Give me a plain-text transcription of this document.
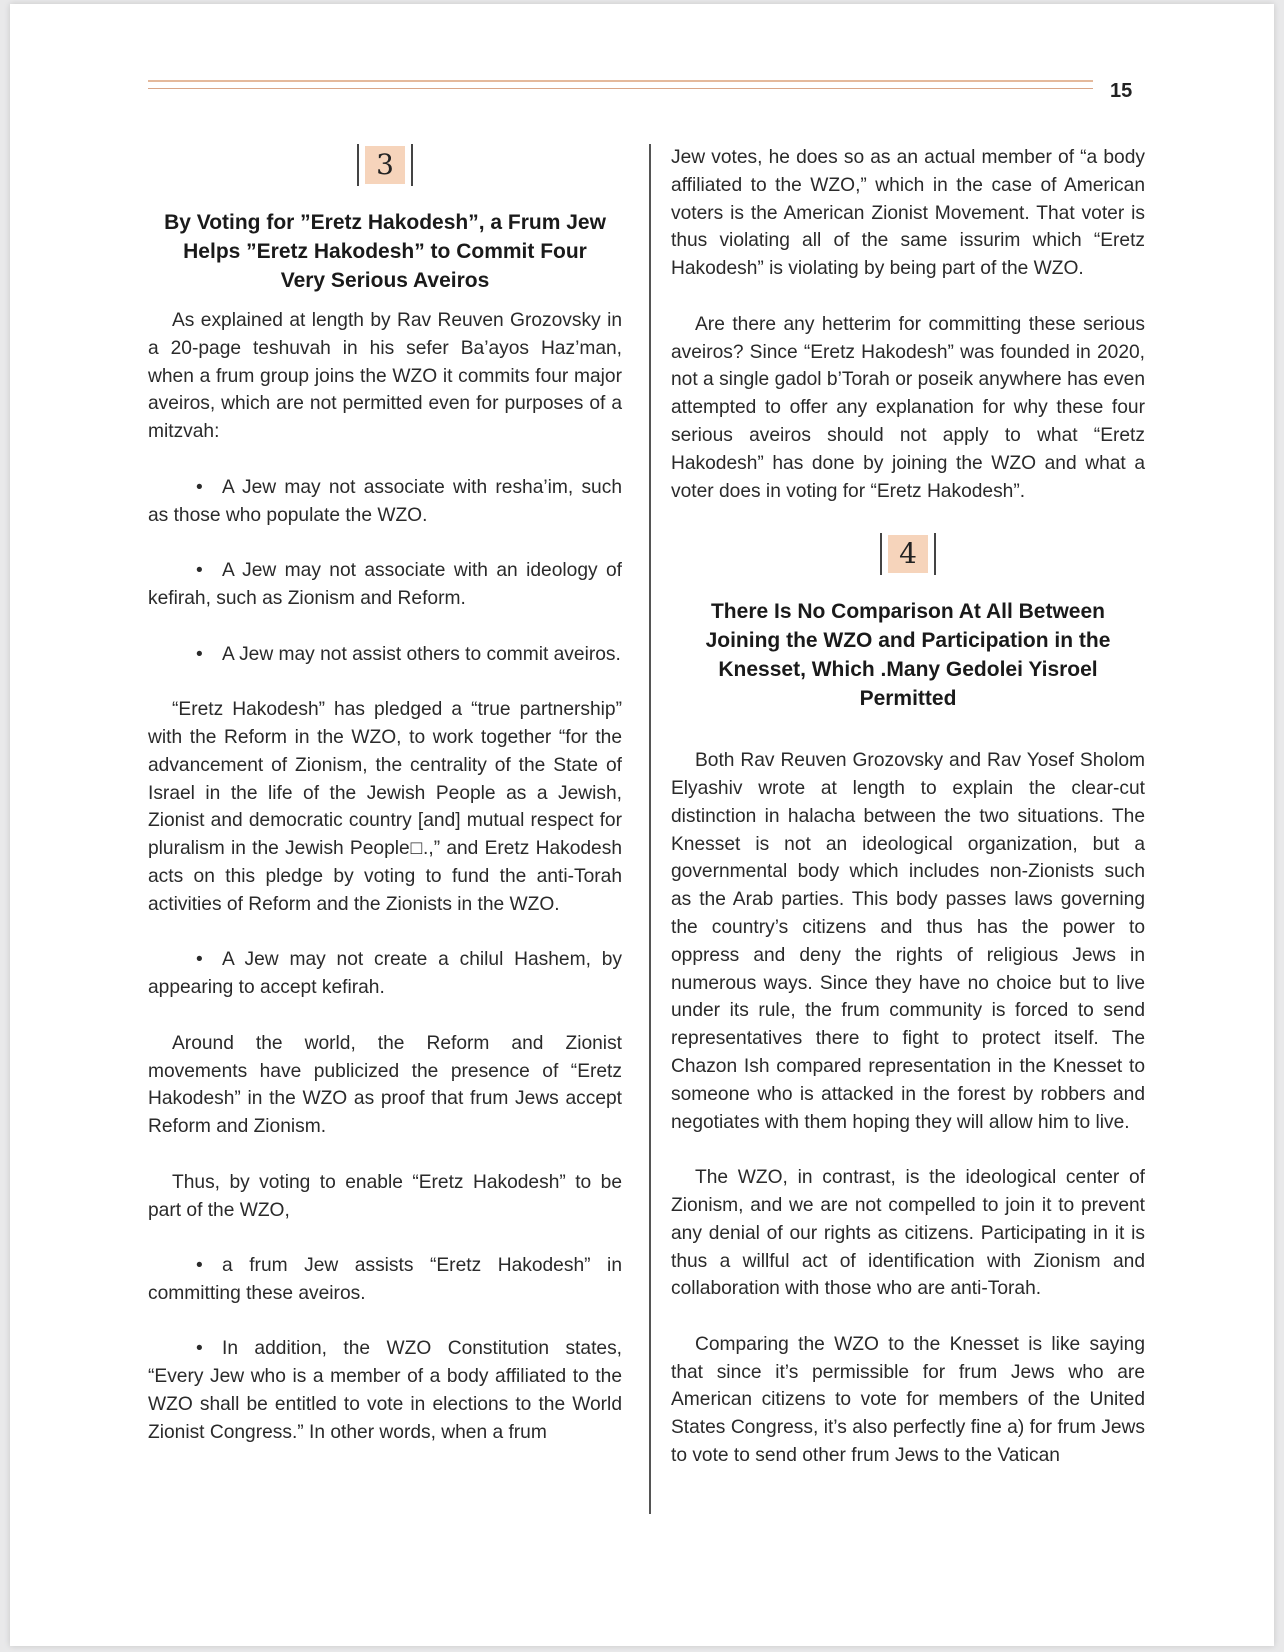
15
3
By Voting for ”Eretz Hakodesh”, a Frum Jew Helps ”Eretz Hakodesh” to Commit Four Very Serious Aveiros

As explained at length by Rav Reuven Grozovsky in a 20-page teshuvah in his sefer Ba’ayos Haz’man, when a frum group joins the WZO it commits four major aveiros, which are not permitted even for purposes of a mitzvah:

• A Jew may not associate with resha’im, such as those who populate the WZO.

• A Jew may not associate with an ideology of kefirah, such as Zionism and Reform.

• A Jew may not assist others to commit aveiros.

“Eretz Hakodesh” has pledged a “true partnership” with the Reform in the WZO, to work together “for the advancement of Zionism, the centrality of the State of Israel in the life of the Jewish People as a Jewish, Zionist and democratic country [and] mutual respect for pluralism in the Jewish People□.,” and Eretz Hakodesh acts on this pledge by voting to fund the anti-Torah activities of Reform and the Zionists in the WZO.

• A Jew may not create a chilul Hashem, by appearing to accept kefirah.

Around the world, the Reform and Zionist movements have publicized the presence of “Eretz Hakodesh” in the WZO as proof that frum Jews accept Reform and Zionism.

Thus, by voting to enable “Eretz Hakodesh” to be part of the WZO,

• a frum Jew assists “Eretz Hakodesh” in committing these aveiros.

• In addition, the WZO Constitution states, “Every Jew who is a member of a body affiliated to the WZO shall be entitled to vote in elections to the World Zionist Congress.” In other words, when a frum

Jew votes, he does so as an actual member of “a body affiliated to the WZO,” which in the case of American voters is the American Zionist Movement. That voter is thus violating all of the same issurim which “Eretz Hakodesh” is violating by being part of the WZO.

Are there any hetterim for committing these serious aveiros? Since “Eretz Hakodesh” was founded in 2020, not a single gadol b’Torah or poseik anywhere has even attempted to offer any explanation for why these four serious aveiros should not apply to what “Eretz Hakodesh” has done by joining the WZO and what a voter does in voting for “Eretz Hakodesh”.

4
There Is No Comparison At All Between Joining the WZO and Participation in the Knesset, Which .Many Gedolei Yisroel Permitted

Both Rav Reuven Grozovsky and Rav Yosef Sholom Elyashiv wrote at length to explain the clear-cut distinction in halacha between the two situations. The Knesset is not an ideological organization, but a governmental body which includes non-Zionists such as the Arab parties. This body passes laws governing the country’s citizens and thus has the power to oppress and deny the rights of religious Jews in numerous ways. Since they have no choice but to live under its rule, the frum community is forced to send representatives there to fight to protect itself. The Chazon Ish compared representation in the Knesset to someone who is attacked in the forest by robbers and negotiates with them hoping they will allow him to live.

The WZO, in contrast, is the ideological center of Zionism, and we are not compelled to join it to prevent any denial of our rights as citizens. Participating in it is thus a willful act of identification with Zionism and collaboration with those who are anti-Torah.

Comparing the WZO to the Knesset is like saying that since it’s permissible for frum Jews who are American citizens to vote for members of the United States Congress, it’s also perfectly fine a) for frum Jews to vote to send other frum Jews to the Vatican
